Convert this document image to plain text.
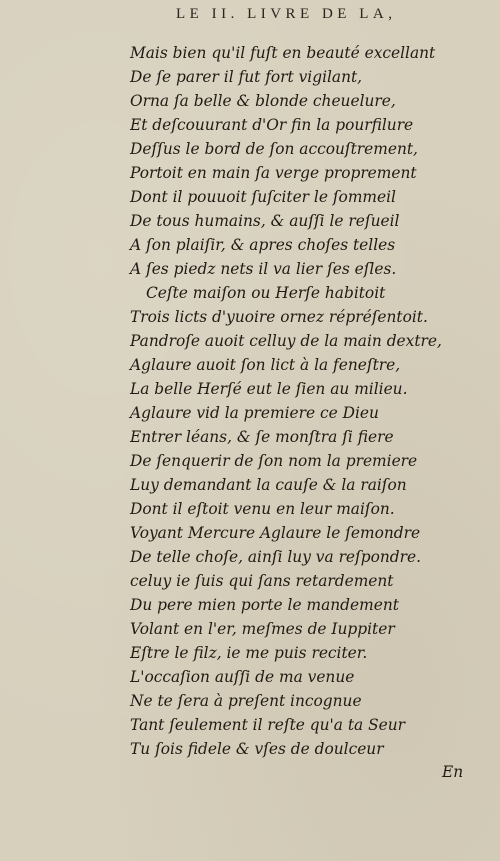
LE II. LIVRE DE LA,
Mais bien qu'il fuſt en beauté excellant
De ſe parer il fut fort vigilant,
Orna ſa belle & blonde cheuelure,
Et deſcouurant d'Or fin la pourfilure
Deſſus le bord de ſon accouſtrement,
Portoit en main ſa verge proprement
Dont il pouuoit ſuſciter le ſommeil
De tous humains, & auſſi le reſueil
A ſon plaiſir, & apres choſes telles
A ſes piedz nets il va lier ſes eſles.
Ceſte maiſon ou Herſe habitoit
Trois licts d'yuoire ornez répréſentoit.
Pandroſe auoit celluy de la main dextre,
Aglaure auoit ſon lict à la feneſtre,
La belle Herſé eut le ſien au milieu.
Aglaure vid la premiere ce Dieu
Entrer léans, & ſe monſtra ſi fiere
De ſenquerir de ſon nom la premiere
Luy demandant la cauſe & la raiſon
Dont il eſtoit venu en leur maiſon.
Voyant Mercure Aglaure le ſemondre
De telle choſe, ainſi luy va reſpondre.
celuy ie ſuis qui ſans retardement
Du pere mien porte le mandement
Volant en l'er, meſmes de Iuppiter
Eſtre le filz, ie me puis reciter.
L'occaſion auſſi de ma venue
Ne te ſera à preſent incognue
Tant ſeulement il reſte qu'a ta Seur
Tu ſois fidele & vſes de doulceur
En
